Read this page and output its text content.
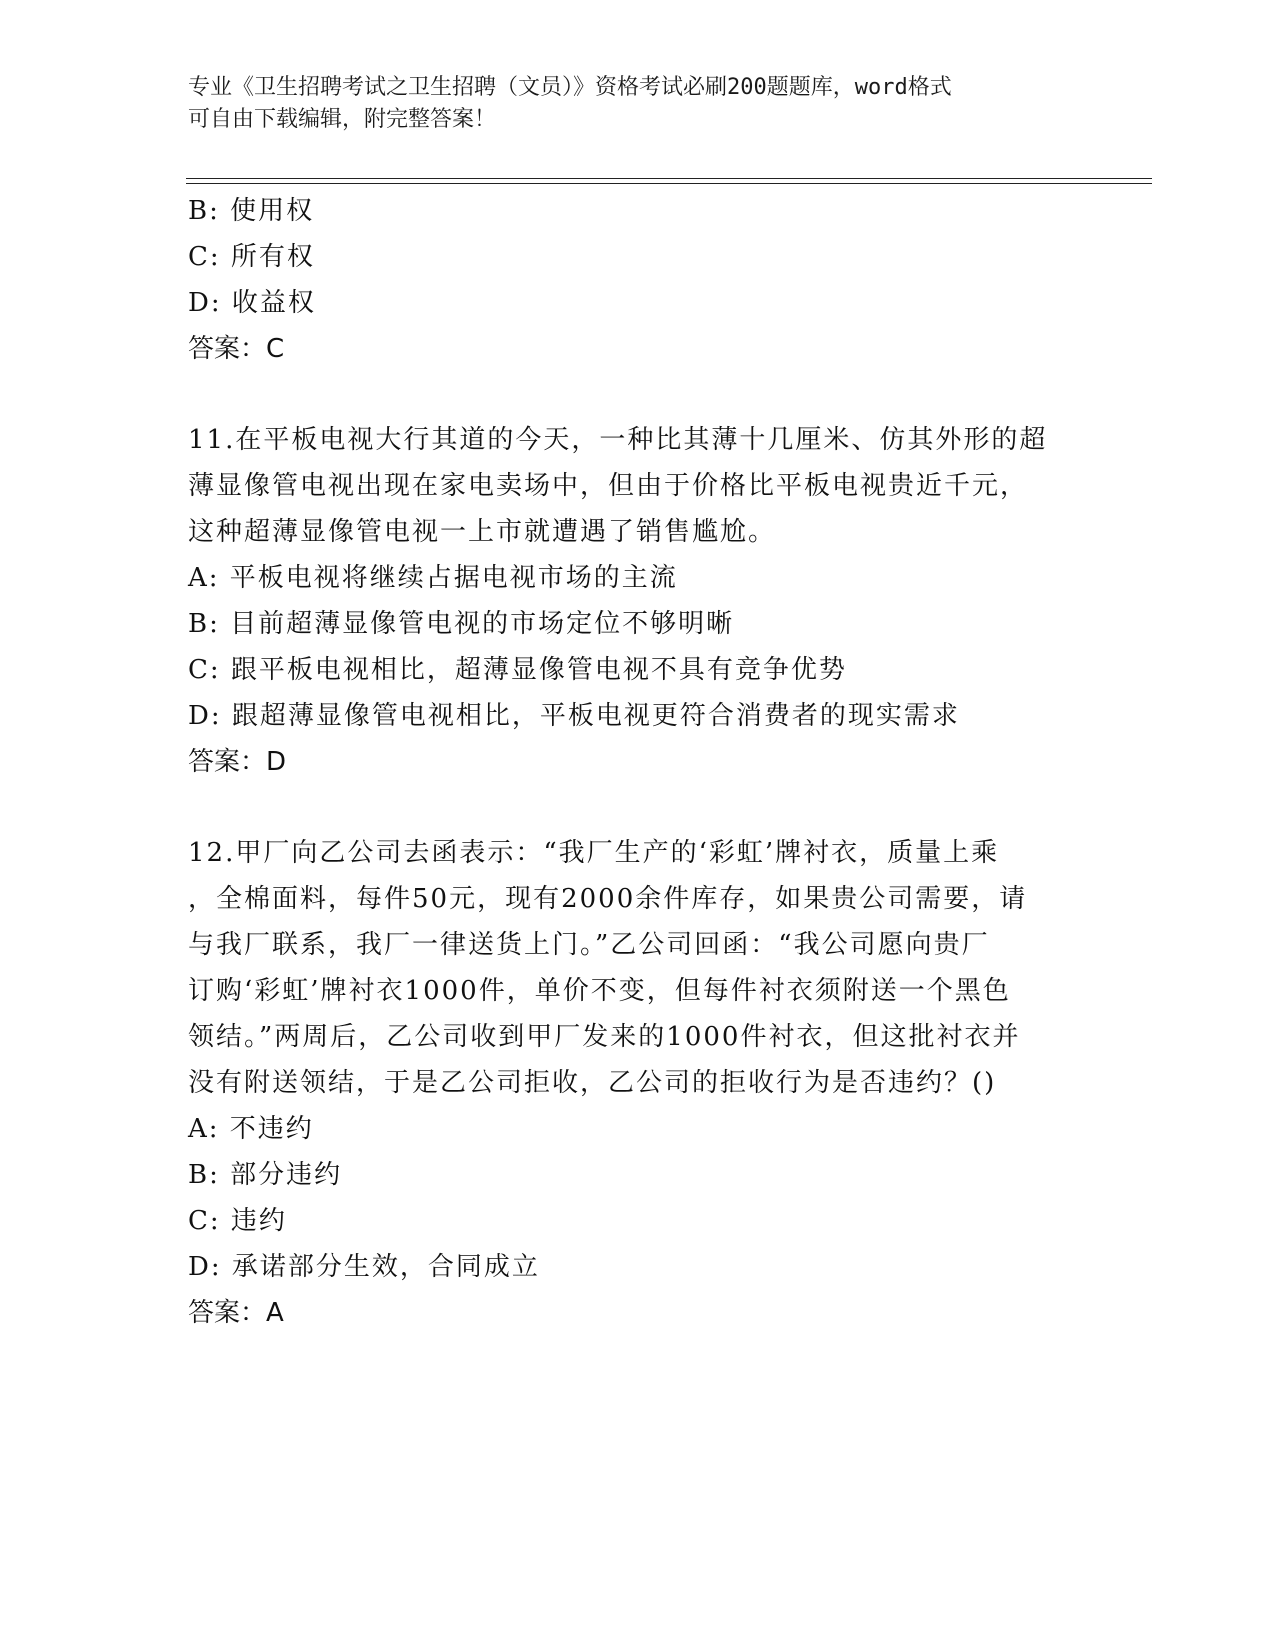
专业《卫生招聘考试之卫生招聘（文员）》资格考试必刷200题题库，word格式
可自由下载编辑，附完整答案！
B: 使用权
C: 所有权
D: 收益权
答案：C
11.在平板电视大行其道的今天，一种比其薄十几厘米、仿其外形的超
薄显像管电视出现在家电卖场中，但由于价格比平板电视贵近千元，
这种超薄显像管电视一上市就遭遇了销售尴尬。
A: 平板电视将继续占据电视市场的主流
B: 目前超薄显像管电视的市场定位不够明晰
C: 跟平板电视相比，超薄显像管电视不具有竞争优势
D: 跟超薄显像管电视相比，平板电视更符合消费者的现实需求
答案：D
12.甲厂向乙公司去函表示：“我厂生产的‘彩虹’牌衬衣，质量上乘
，全棉面料，每件50元，现有2000余件库存，如果贵公司需要，请
与我厂联系，我厂一律送货上门。”乙公司回函：“我公司愿向贵厂
订购‘彩虹’牌衬衣1000件，单价不变，但每件衬衣须附送一个黑色
领结。”两周后，乙公司收到甲厂发来的1000件衬衣，但这批衬衣并
没有附送领结，于是乙公司拒收，乙公司的拒收行为是否违约？()
A: 不违约
B: 部分违约
C: 违约
D: 承诺部分生效，合同成立
答案：A
